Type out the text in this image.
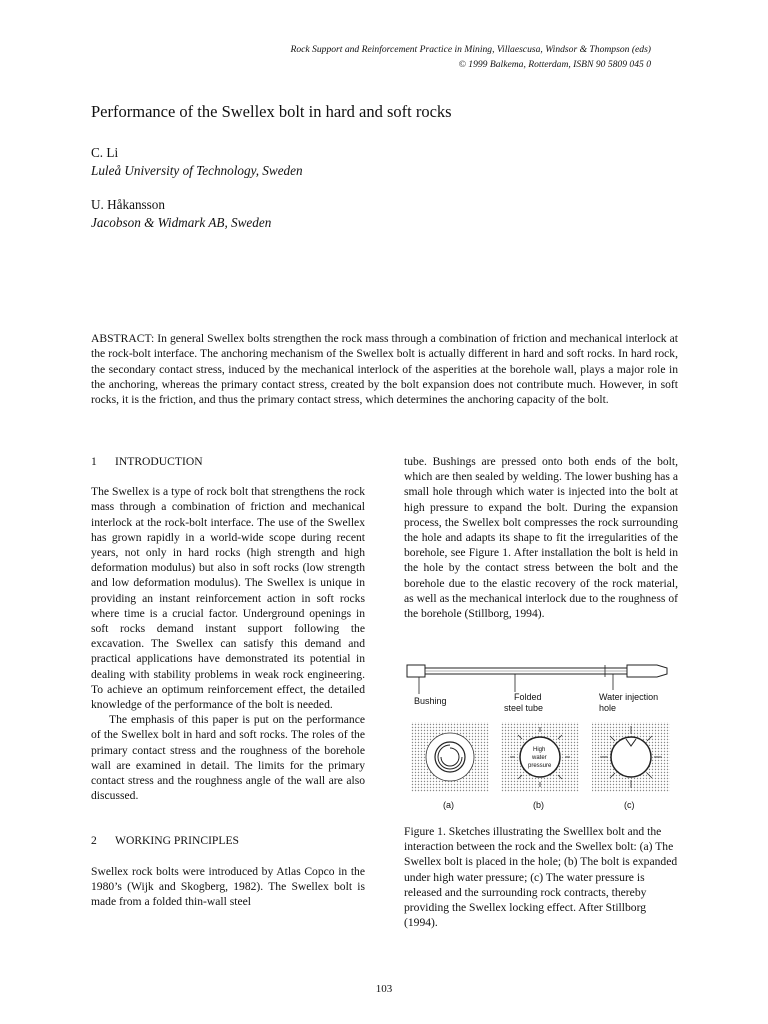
Rock Support and Reinforcement Practice in Mining, Villaescusa, Windsor & Thompson (eds)
© 1999 Balkema, Rotterdam, ISBN 90 5809 045 0
Performance of the Swellex bolt in hard and soft rocks
C. Li
Luleå University of Technology, Sweden
U. Håkansson
Jacobson & Widmark AB, Sweden
ABSTRACT: In general Swellex bolts strengthen the rock mass through a combination of friction and mechanical interlock at the rock-bolt interface. The anchoring mechanism of the Swellex bolt is actually different in hard and soft rocks. In hard rock, the secondary contact stress, induced by the mechanical interlock of the asperities at the borehole wall, plays a major role in the anchoring, whereas the primary contact stress, created by the bolt expansion does not contribute much. However, in soft rocks, it is the friction, and thus the primary contact stress, which determines the anchoring capacity of the bolt.
1 INTRODUCTION

The Swellex is a type of rock bolt that strengthens the rock mass through a combination of friction and mechanical interlock at the rock-bolt interface. The use of the Swellex has grown rapidly in a world-wide scope during recent years, not only in hard rocks (high strength and high deformation modulus) but also in soft rocks (low strength and low deformation modulus). The Swellex is unique in providing an instant reinforcement action in soft rocks where time is a crucial factor. Underground openings in soft rocks demand instant support following the excavation. The Swellex can satisfy this demand and practical applications have demonstrated its potential in dealing with stability problems in weak rock engineering. To achieve an optimum reinforcement effect, the detailed knowledge of the performance of the bolt is needed.

The emphasis of this paper is put on the performance of the Swellex bolt in hard and soft rocks. The roles of the primary contact stress and the roughness of the borehole wall are examined in detail. The limits for the primary contact stress and the roughness angle of the wall are also discussed.

2 WORKING PRINCIPLES

Swellex rock bolts were introduced by Atlas Copco in the 1980’s (Wijk and Skogberg, 1982). The Swellex bolt is made from a folded thin-wall steel

tube. Bushings are pressed onto both ends of the bolt, which are then sealed by welding. The lower bushing has a small hole through which water is injected into the bolt at high pressure to expand the bolt. During the expansion process, the Swellex bolt compresses the rock surrounding the hole and adapts its shape to fit the irregularities of the borehole, see Figure 1. After installation the bolt is held in the hole by the contact stress between the bolt and the borehole due to the elastic recovery of the rock material, as well as the mechanical interlock due to the roughness of the borehole (Stillborg, 1994).

Bushing	Folded
steel tube
Water injection
hole
High
water
pressure
(a)	(b)	(c)
Figure 1. Sketches illustrating the Swelllex bolt and the interaction between the rock and the Swellex bolt: (a) The Swellex bolt is placed in the hole; (b) The bolt is expanded under high water pressure; (c) The water pressure is released and the surrounding rock contracts, thereby providing the Swellex locking effect. After Stillborg (1994).
103
